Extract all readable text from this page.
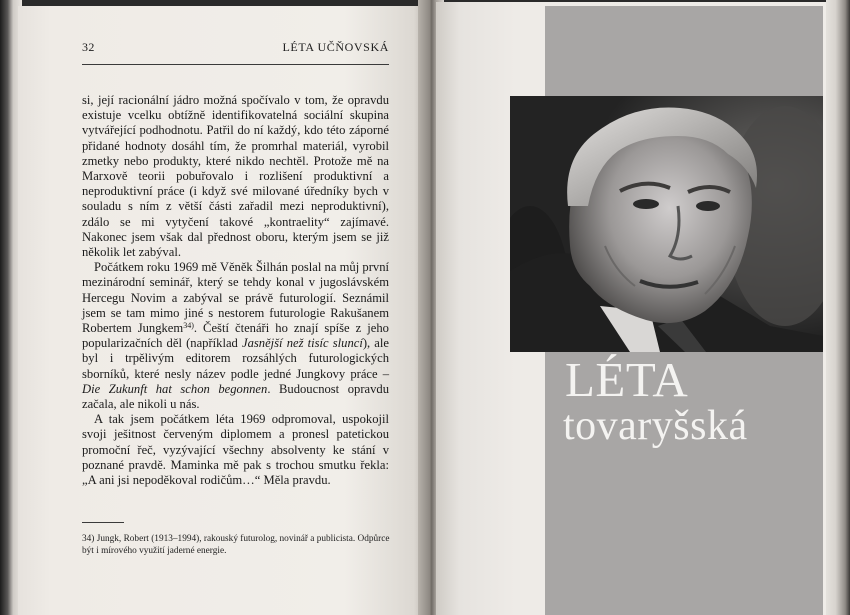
32	LÉTA UČŇOVSKÁ

si, její racionální jádro možná spočívalo v tom, že opravdu existuje vcelku obtížně identifikovatelná sociální skupina vytvářející podhodnotu. Patřil do ní každý, kdo této záporné přidané hodnoty dosáhl tím, že promrhal materiál, vyrobil zmetky nebo produkty, které nikdo nechtěl. Protože mě na Marxově teorii pobuřovalo i rozlišení produktivní a neproduktivní práce (i když své milované úředníky bych v souladu s ním z větší části zařadil mezi neproduktivní), zdálo se mi vytyčení takové „kontraelity“ zajímavé. Nakonec jsem však dal přednost oboru, kterým jsem se již několik let zabýval.

Počátkem roku 1969 mě Věněk Šilhán poslal na můj první mezinárodní seminář, který se tehdy konal v jugoslávském Hercegu Novim a zabýval se právě futurologií. Seznámil jsem se tam mimo jiné s nestorem futurologie Rakušanem Robertem Jungkem$^{34)}$. Čeští čtenáři ho znají spíše z jeho popularizačních děl (například Jasnější než tisíc sluncí), ale byl i trpělivým editorem rozsáhlých futurologických sborníků, které nesly název podle jedné Jungkovy práce – Die Zukunft hat schon begonnen. Budoucnost opravdu začala, ale nikoli u nás.

A tak jsem počátkem léta 1969 odpromoval, uspokojil svoji ješitnost červeným diplomem a pronesl patetickou promoční řeč, vyzývající všechny absolventy ke stání v poznané pravdě. Maminka mě pak s trochou smutku řekla: „A ani jsi nepoděkoval rodičům…“ Měla pravdu.

34) Jungk, Robert (1913–1994), rakouský futurolog, novinář a publicista. Odpůrce být i mírového využití jaderné energie.
LÉTA
tovaryšská
